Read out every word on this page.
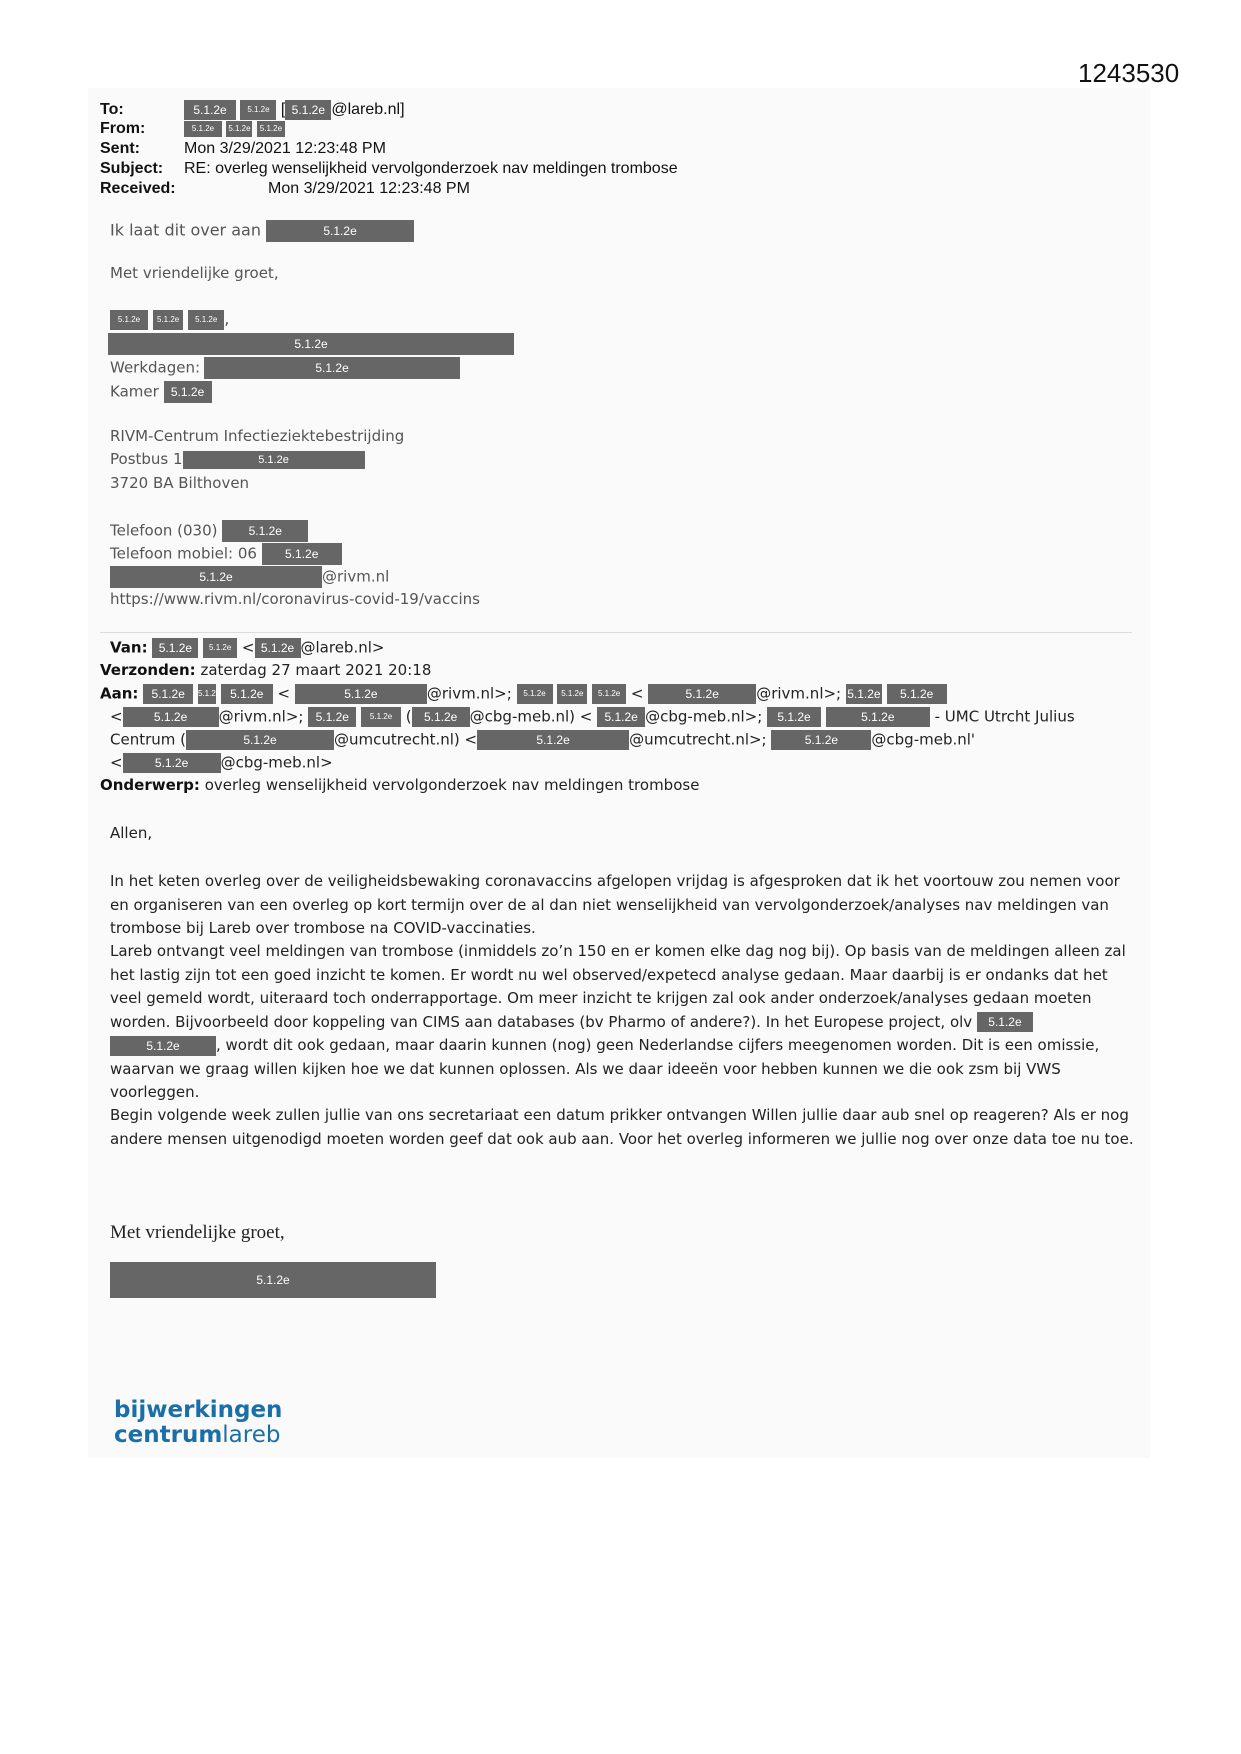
1243530
To:	5.1.2e	5.1.2e [ 5.1.2e @lareb.nl]
From:	5.1.2e 5.1.2e 5.1.2e
Sent:	Mon 3/29/2021 12:23:48 PM
Subject: RE: overleg wenselijkheid vervolgonderzoek nav meldingen trombose
Received:	Mon 3/29/2021 12:23:48 PM
Ik laat dit over aan	5.1.2e
Met vriendelijke groet,
5.1.2e 5.1.2e 5.1.2e ,
5.1.2e
Werkdagen:	5.1.2e
Kamer 5.1.2e
RIVM-Centrum Infectieziektebestrijding
Postbus 1	5.1.2e
3720 BA Bilthoven
Telefoon (030)	5.1.2e
Telefoon mobiel: 06 5.1.2e
5.1.2e	@rivm.nl
https://www.rivm.nl/coronavirus-covid-19/vaccins
Van: 5.1.2e 5.1.2e < 5.1.2e @lareb.nl>
Verzonden: zaterdag 27 maart 2021 20:18
Aan: 5.1.2e 5.1.2e 5.1.2e <	5.1.2e	@rivm.nl>; 5.1.2e 5.1.2e 5.1.2e <	5.1.2e @rivm.nl>; 5.1.2e 5.1.2e
<	5.1.2e @rivm.nl>; 5.1.2e	5.1.2e ( 5.1.2e @cbg-meb.nl) < 5.1.2e @cbg-meb.nl>; 5.1.2e	5.1.2e	- UMC Utrcht Julius
Centrum (	5.1.2e	@umcutrecht.nl) <	5.1.2e	@umcutrecht.nl>;	5.1.2e @cbg-meb.nl'
<	5.1.2e @cbg-meb.nl>
Onderwerp: overleg wenselijkheid vervolgonderzoek nav meldingen trombose
Allen,
In het keten overleg over de veiligheidsbewaking coronavaccins afgelopen vrijdag is afgesproken dat ik het voortouw zou nemen voor en organiseren van een overleg op kort termijn over de al dan niet wenselijkheid van vervolgonderzoek/analyses nav meldingen van trombose bij Lareb over trombose na COVID-vaccinaties.
Lareb ontvangt veel meldingen van trombose (inmiddels zo’n 150 en er komen elke dag nog bij). Op basis van de meldingen alleen zal het lastig zijn tot een goed inzicht te komen. Er wordt nu wel observed/expetecd analyse gedaan. Maar daarbij is er ondanks dat het veel gemeld wordt, uiteraard toch onderrapportage. Om meer inzicht te krijgen zal ook ander onderzoek/analyses gedaan moeten worden. Bijvoorbeeld door koppeling van CIMS aan databases (bv Pharmo of andere?). In het Europese project, olv 5.1.2e 5.1.2e , wordt dit ook gedaan, maar daarin kunnen (nog) geen Nederlandse cijfers meegenomen worden. Dit is een omissie, waarvan we graag willen kijken hoe we dat kunnen oplossen. Als we daar ideeën voor hebben kunnen we die ook zsm bij VWS voorleggen.
Begin volgende week zullen jullie van ons secretariaat een datum prikker ontvangen Willen jullie daar aub snel op reageren? Als er nog andere mensen uitgenodigd moeten worden geef dat ook aub aan. Voor het overleg informeren we jullie nog over onze data toe nu toe.
Met vriendelijke groet,
5.1.2e
bijwerkingen
centrumlareb
